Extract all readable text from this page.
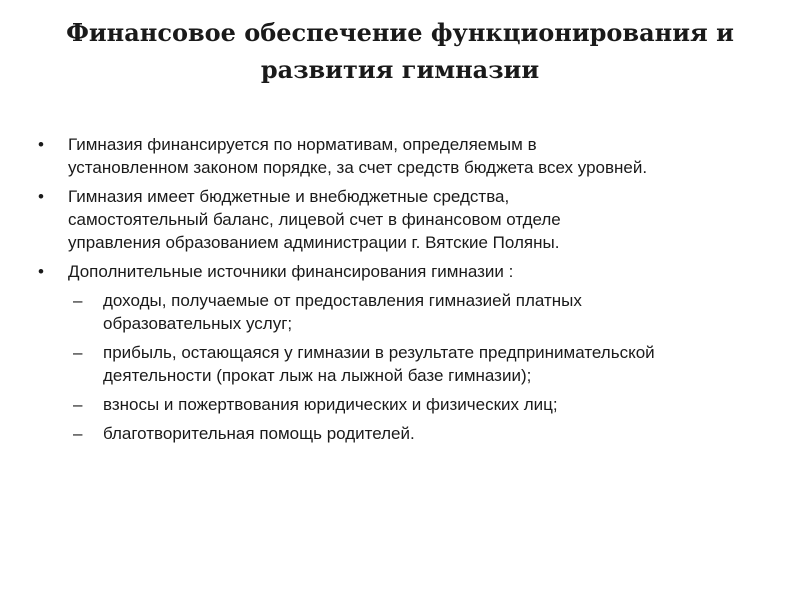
Финансовое обеспечение функционирования и
развития гимназии
•	Гимназия финансируется по нормативам, определяемым в
установленном законом порядке, за счет средств бюджета всех уровней.
•	Гимназия имеет бюджетные и внебюджетные средства,
самостоятельный баланс, лицевой счет в финансовом отделе
управления образованием администрации г. Вятские Поляны.
•	Дополнительные источники финансирования гимназии :
– доходы, получаемые от предоставления гимназией платных
образовательных услуг;
– прибыль, остающаяся у гимназии в результате предпринимательской
деятельности (прокат лыж на лыжной базе гимназии);
– взносы и пожертвования юридических и физических лиц;
– благотворительная помощь родителей.
